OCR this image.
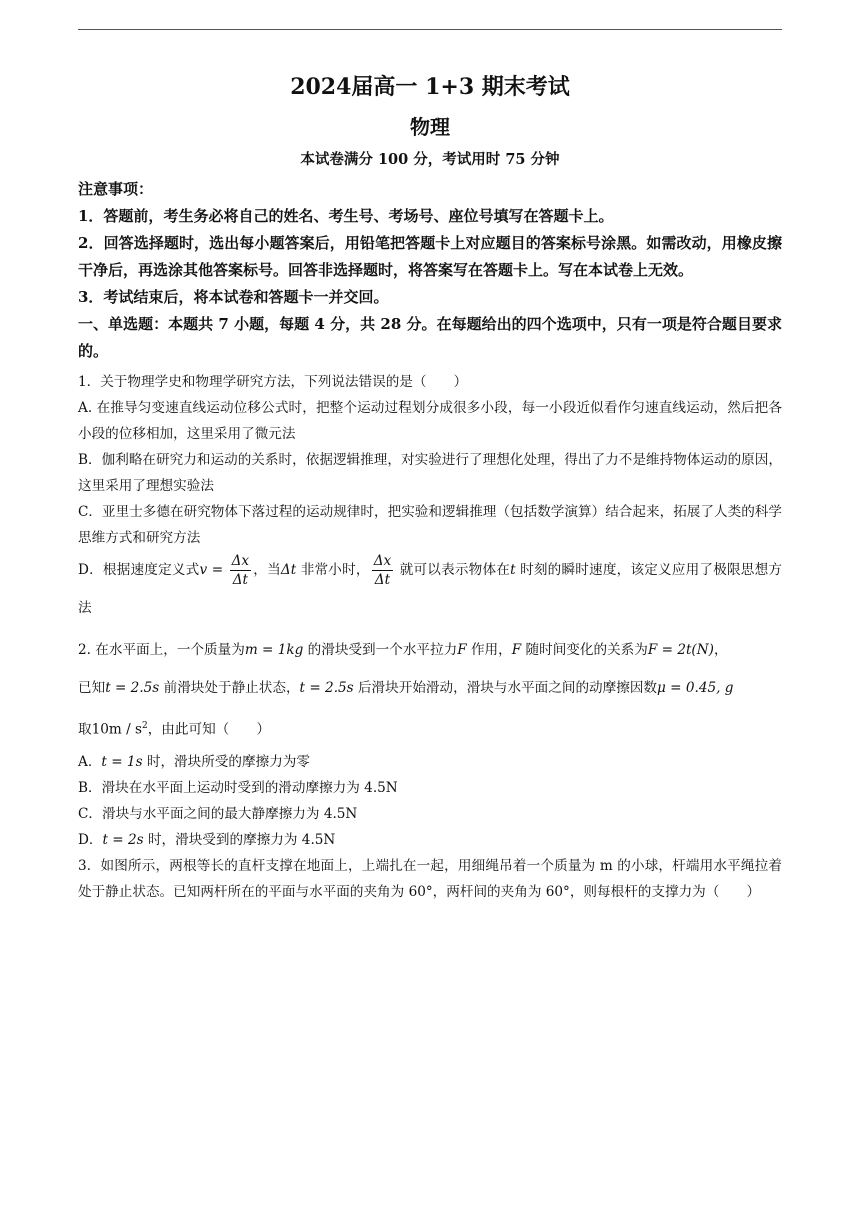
2024届高一 1+3 期末考试

物理

本试卷满分 100 分，考试用时 75 分钟

注意事项：

1．答题前，考生务必将自己的姓名、考生号、考场号、座位号填写在答题卡上。

2．回答选择题时，选出每小题答案后，用铅笔把答题卡上对应题目的答案标号涂黑。如需改动，用橡皮擦干净后，再选涂其他答案标号。回答非选择题时，将答案写在答题卡上。写在本试卷上无效。

3．考试结束后，将本试卷和答题卡一并交回。

一、单选题：本题共 7 小题，每题 4 分，共 28 分。在每题给出的四个选项中，只有一项是符合题目要求的。

1．关于物理学史和物理学研究方法，下列说法错误的是（　　）

A. 在推导匀变速直线运动位移公式时，把整个运动过程划分成很多小段，每一小段近似看作匀速直线运动，然后把各小段的位移相加，这里采用了微元法

B．伽利略在研究力和运动的关系时，依据逻辑推理，对实验进行了理想化处理，得出了力不是维持物体运动的原因，这里采用了理想实验法

C．亚里士多德在研究物体下落过程的运动规律时，把实验和逻辑推理（包括数学演算）结合起来，拓展了人类的科学思维方式和研究方法

D．根据速度定义式$v = \frac{\Delta x}{\Delta t}$ ，当Δt 非常小时， $\frac{\Delta x}{\Delta t}$ 就可以表示物体在t 时刻的瞬时速度，该定义应用了极限思想方法

2. 在水平面上，一个质量为m = 1kg 的滑块受到一个水平拉力F 作用，F 随时间变化的关系为F = 2t(N)，

已知t = 2.5s 前滑块处于静止状态，t = 2.5s 后滑块开始滑动，滑块与水平面之间的动摩擦因数μ = 0.45, g

取$10m / s^2$，由此可知（　　）

A．t = 1s 时，滑块所受的摩擦力为零

B．滑块在水平面上运动时受到的滑动摩擦力为 4.5N

C．滑块与水平面之间的最大静摩擦力为 4.5N

D．t = 2s 时，滑块受到的摩擦力为 4.5N

3．如图所示，两根等长的直杆支撑在地面上，上端扎在一起，用细绳吊着一个质量为 m 的小球，杆端用水平绳拉着处于静止状态。已知两杆所在的平面与水平面的夹角为 60°，两杆间的夹角为 60°，则每根杆的支撑力为（　　）
